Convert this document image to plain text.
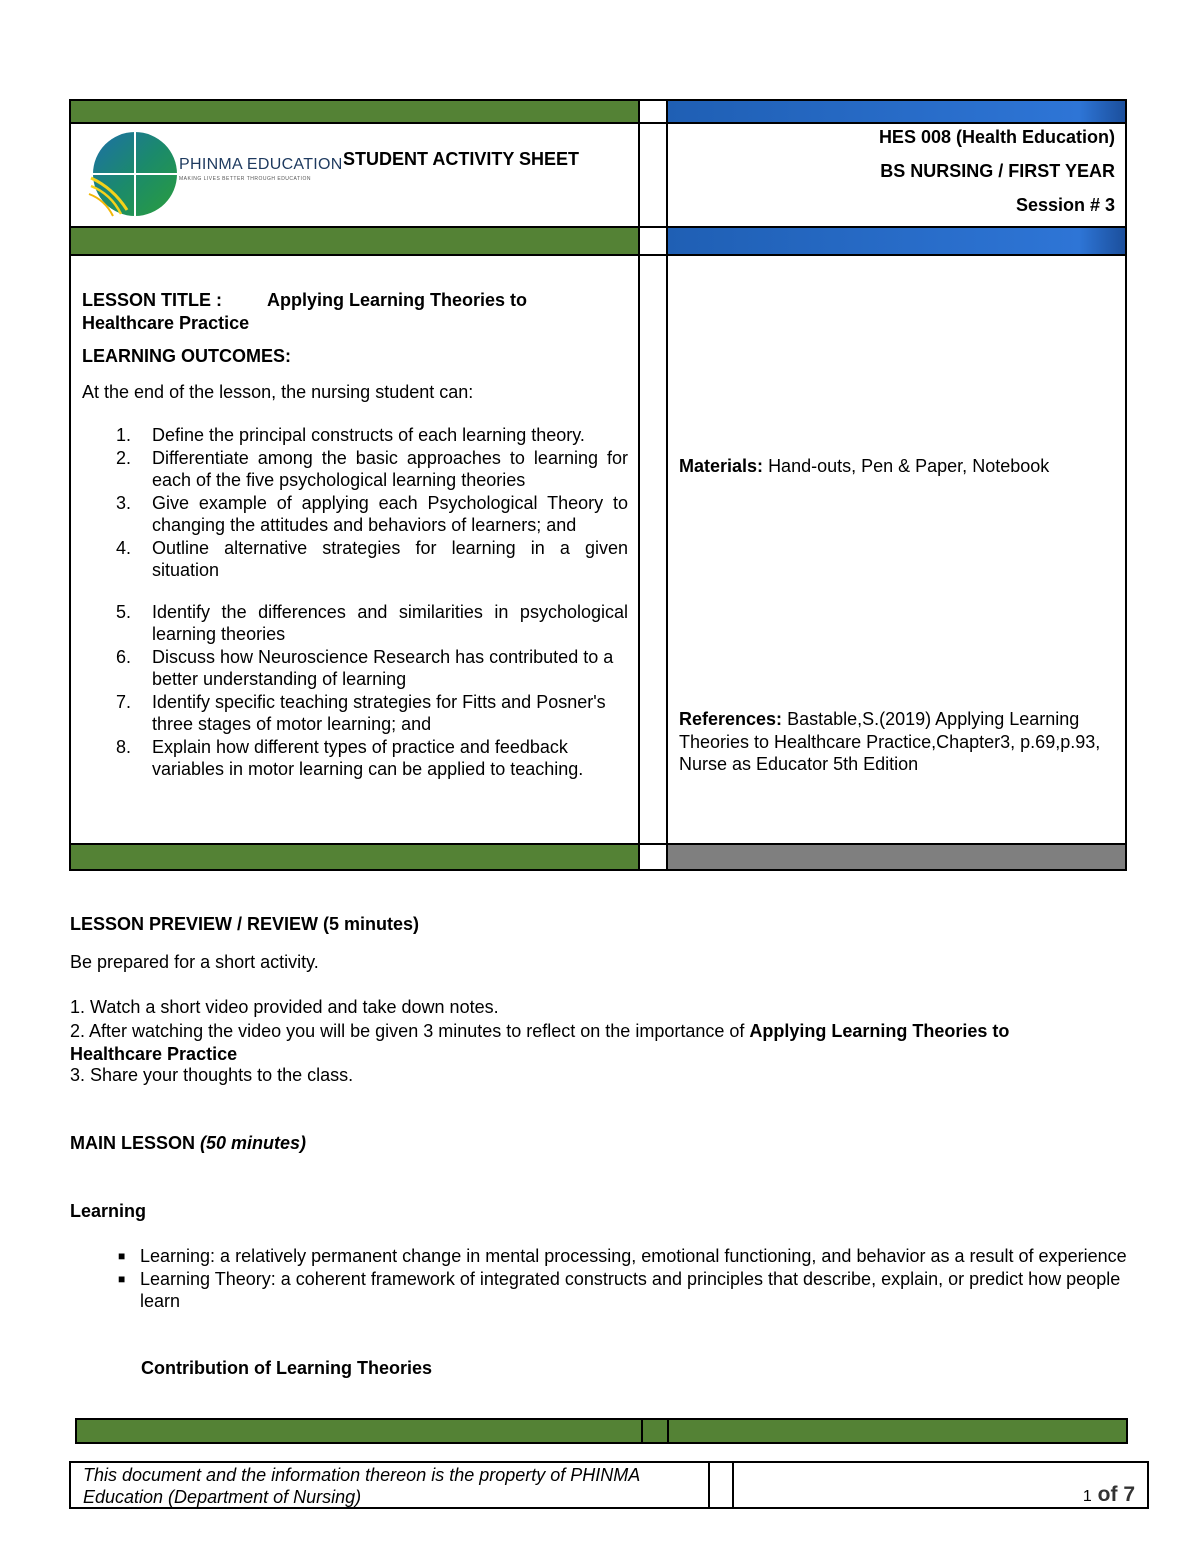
PHINMA EDUCATION
MAKING LIVES BETTER THROUGH EDUCATION
STUDENT ACTIVITY SHEET
HES 008 (Health Education)
BS NURSING / FIRST YEAR
Session # 3
LESSON TITLE : Applying Learning Theories to
Healthcare Practice
LEARNING OUTCOMES:
At the end of the lesson, the nursing student can:
1. Define the principal constructs of each learning theory.
2. Differentiate among the basic approaches to learning for each of the five psychological learning theories
3. Give example of applying each Psychological Theory to changing the attitudes and behaviors of learners; and
4. Outline alternative strategies for learning in a given situation
5. Identify the differences and similarities in psychological learning theories
6. Discuss how Neuroscience Research has contributed to a better understanding of learning
7. Identify specific teaching strategies for Fitts and Posner's three stages of motor learning; and
8. Explain how different types of practice and feedback variables in motor learning can be applied to teaching.
Materials: Hand-outs, Pen & Paper, Notebook
References: Bastable,S.(2019) Applying Learning Theories to Healthcare Practice,Chapter3, p.69,p.93, Nurse as Educator 5th Edition
LESSON PREVIEW / REVIEW (5 minutes)
Be prepared for a short activity.
1. Watch a short video provided and take down notes.
2. After watching the video you will be given 3 minutes to reflect on the importance of Applying Learning Theories to
Healthcare Practice
3. Share your thoughts to the class.
MAIN LESSON (50 minutes)
Learning
■ Learning: a relatively permanent change in mental processing, emotional functioning, and behavior as a result of experience
■ Learning Theory: a coherent framework of integrated constructs and principles that describe, explain, or predict how people learn
Contribution of Learning Theories
This document and the information thereon is the property of PHINMA
Education (Department of Nursing)	1 of 7
